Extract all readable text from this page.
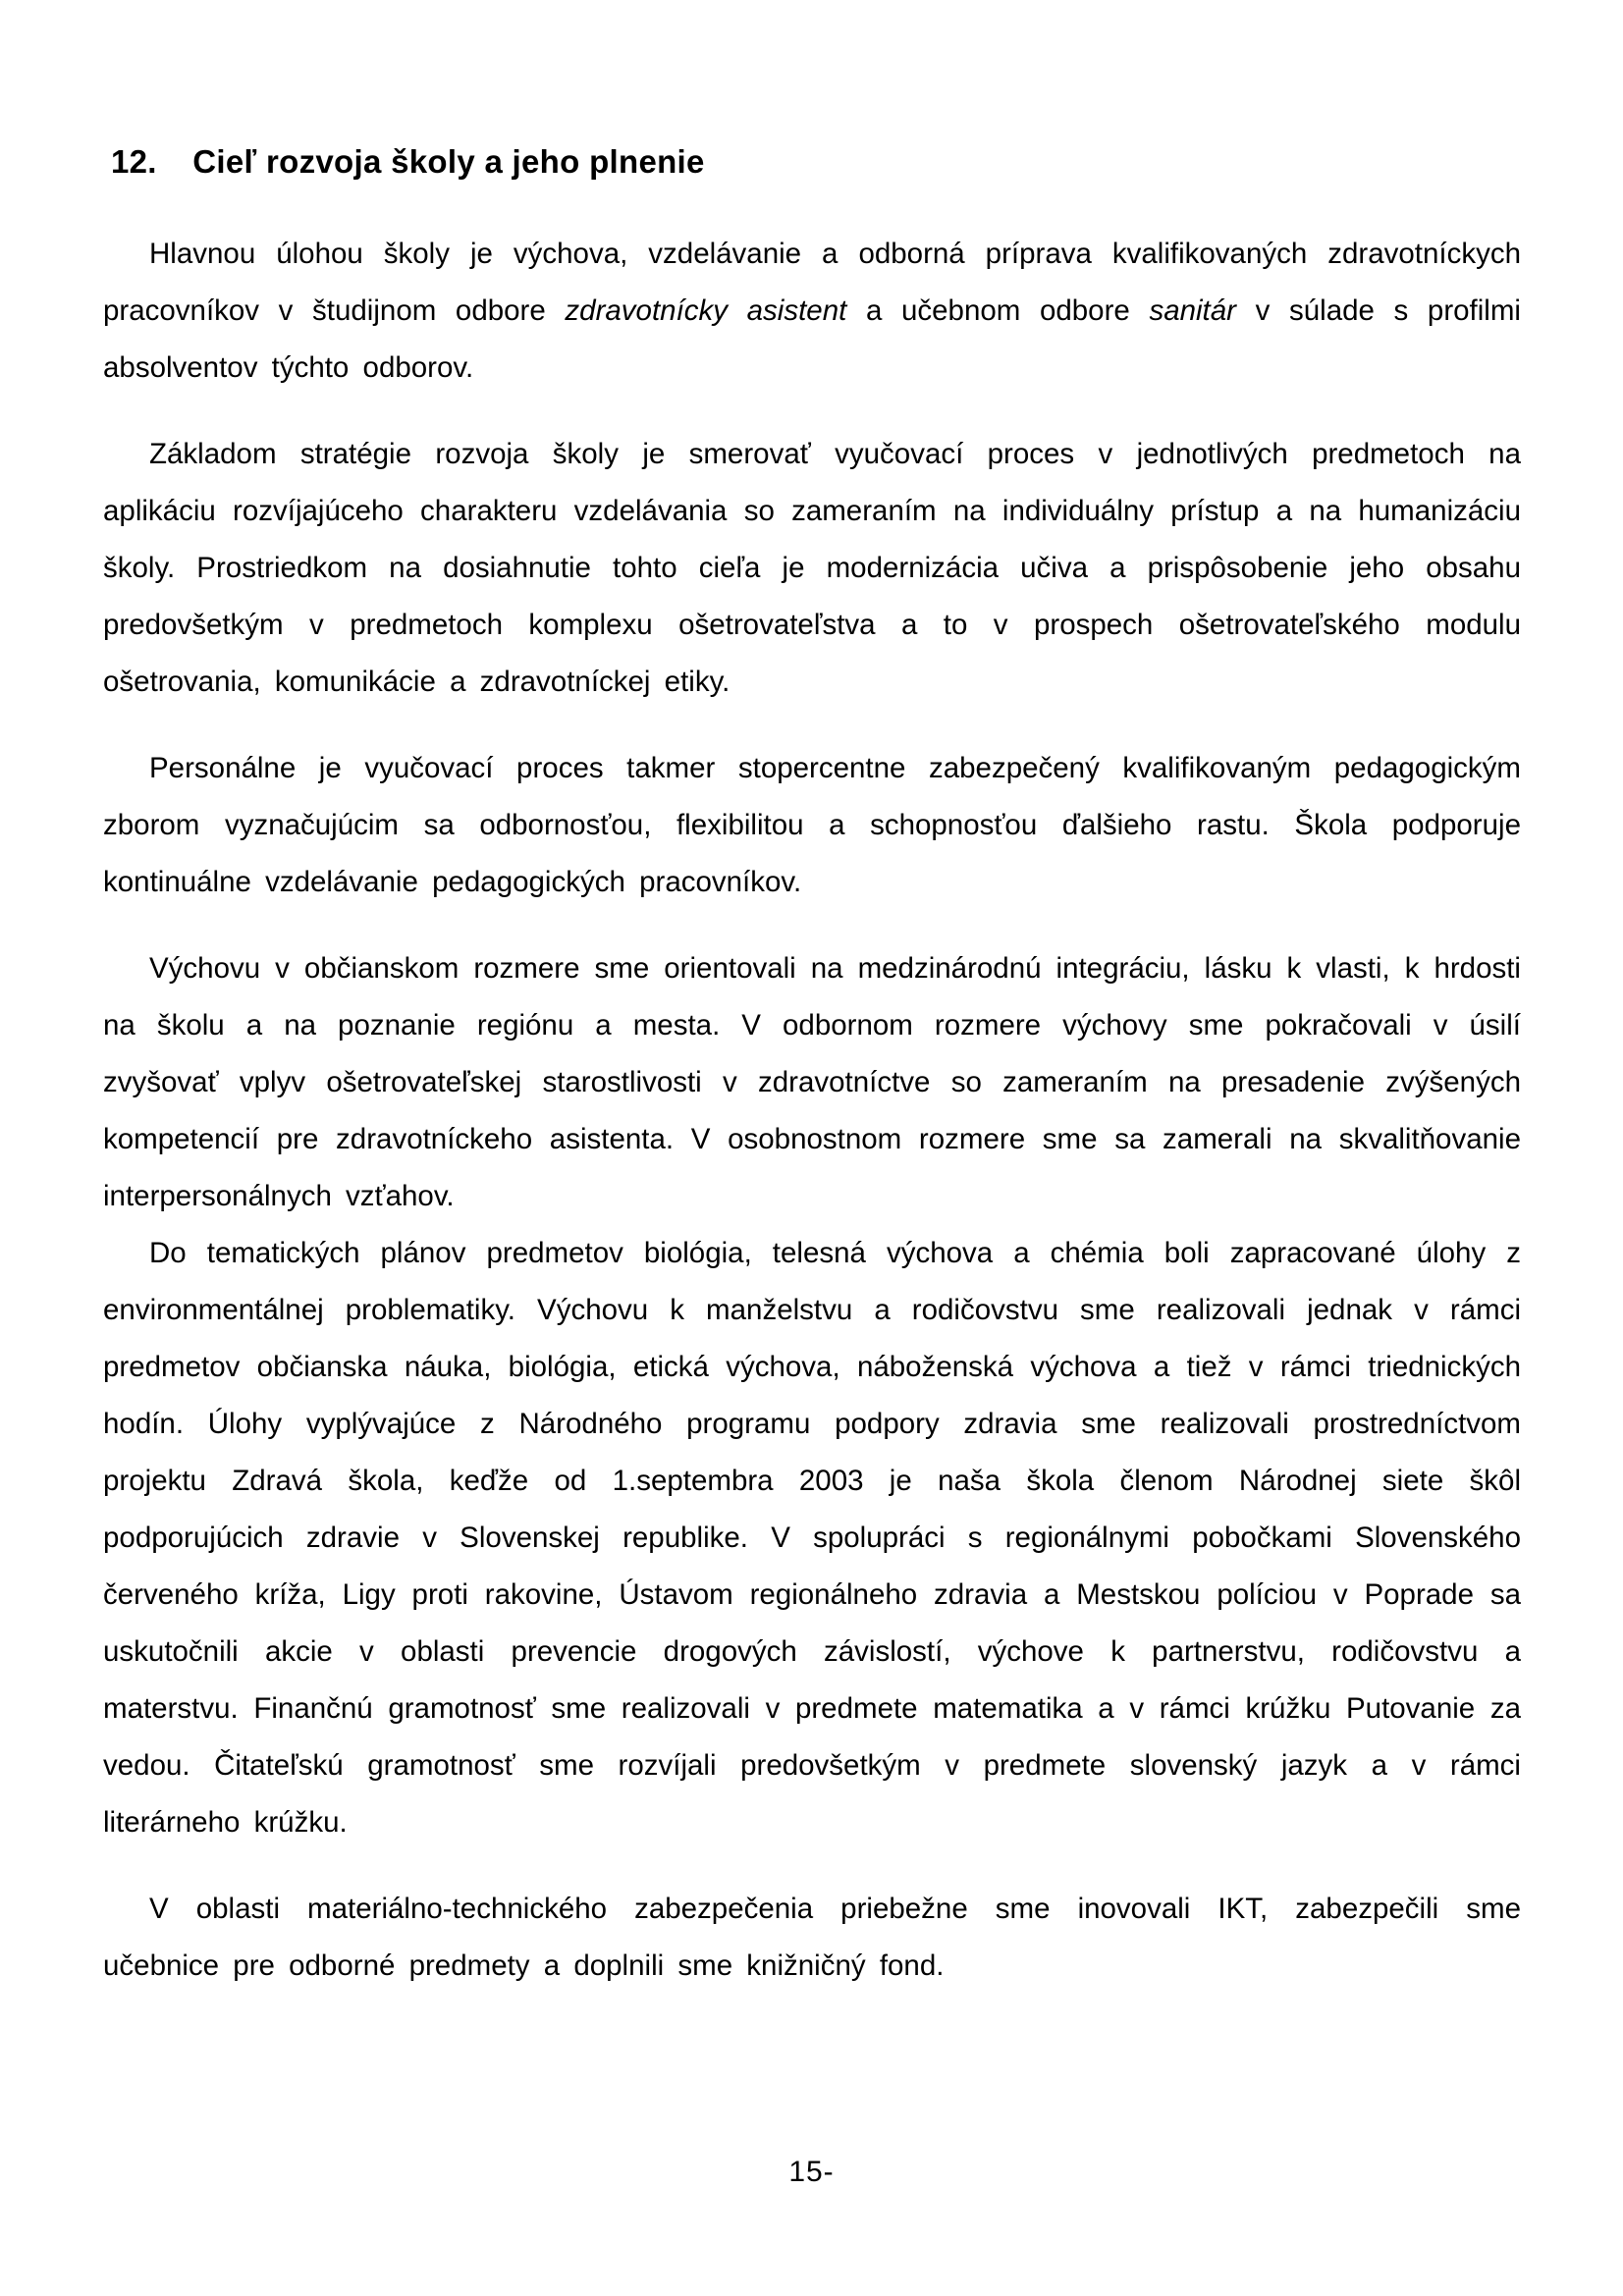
12. Cieľ rozvoja školy a jeho plnenie

Hlavnou úlohou školy je výchova, vzdelávanie a odborná príprava kvalifikovaných zdravotníckych pracovníkov v študijnom odbore zdravotnícky asistent a učebnom odbore sanitár v súlade s profilmi absolventov týchto odborov.

Základom stratégie rozvoja školy je smerovať vyučovací proces v jednotlivých predmetoch na aplikáciu rozvíjajúceho charakteru vzdelávania so zameraním na individuálny prístup a na humanizáciu školy. Prostriedkom na dosiahnutie tohto cieľa je modernizácia učiva a prispôsobenie jeho obsahu predovšetkým v predmetoch komplexu ošetrovateľstva a to v prospech ošetrovateľského modulu ošetrovania, komunikácie a zdravotníckej etiky.

Personálne je vyučovací proces takmer stopercentne zabezpečený kvalifikovaným pedagogickým zborom vyznačujúcim sa odbornosťou, flexibilitou a schopnosťou ďalšieho rastu. Škola podporuje kontinuálne vzdelávanie pedagogických pracovníkov.

Výchovu v občianskom rozmere sme orientovali na medzinárodnú integráciu, lásku k vlasti, k hrdosti na školu a na poznanie regiónu a mesta. V odbornom rozmere výchovy sme pokračovali v úsilí zvyšovať vplyv ošetrovateľskej starostlivosti v zdravotníctve so zameraním na presadenie zvýšených kompetencií pre zdravotníckeho asistenta. V osobnostnom rozmere sme sa zamerali na skvalitňovanie interpersonálnych vzťahov.

Do tematických plánov predmetov biológia, telesná výchova a chémia boli zapracované úlohy z environmentálnej problematiky. Výchovu k manželstvu a rodičovstvu sme realizovali jednak v rámci predmetov občianska náuka, biológia, etická výchova, náboženská výchova a tiež v rámci triednických hodín. Úlohy vyplývajúce z Národného programu podpory zdravia sme realizovali prostredníctvom projektu Zdravá škola, keďže od 1.septembra 2003 je naša škola členom Národnej siete škôl podporujúcich zdravie v Slovenskej republike. V spolupráci s regionálnymi pobočkami Slovenského červeného kríža, Ligy proti rakovine, Ústavom regionálneho zdravia a Mestskou políciou v Poprade sa uskutočnili akcie v oblasti prevencie drogových závislostí, výchove k partnerstvu, rodičovstvu a materstvu. Finančnú gramotnosť sme realizovali v predmete matematika a v rámci krúžku Putovanie za vedou. Čitateľskú gramotnosť sme rozvíjali predovšetkým v predmete slovenský jazyk a v rámci literárneho krúžku.

V oblasti materiálno-technického zabezpečenia priebežne sme inovovali IKT, zabezpečili sme učebnice pre odborné predmety a doplnili sme knižničný fond.

15-
